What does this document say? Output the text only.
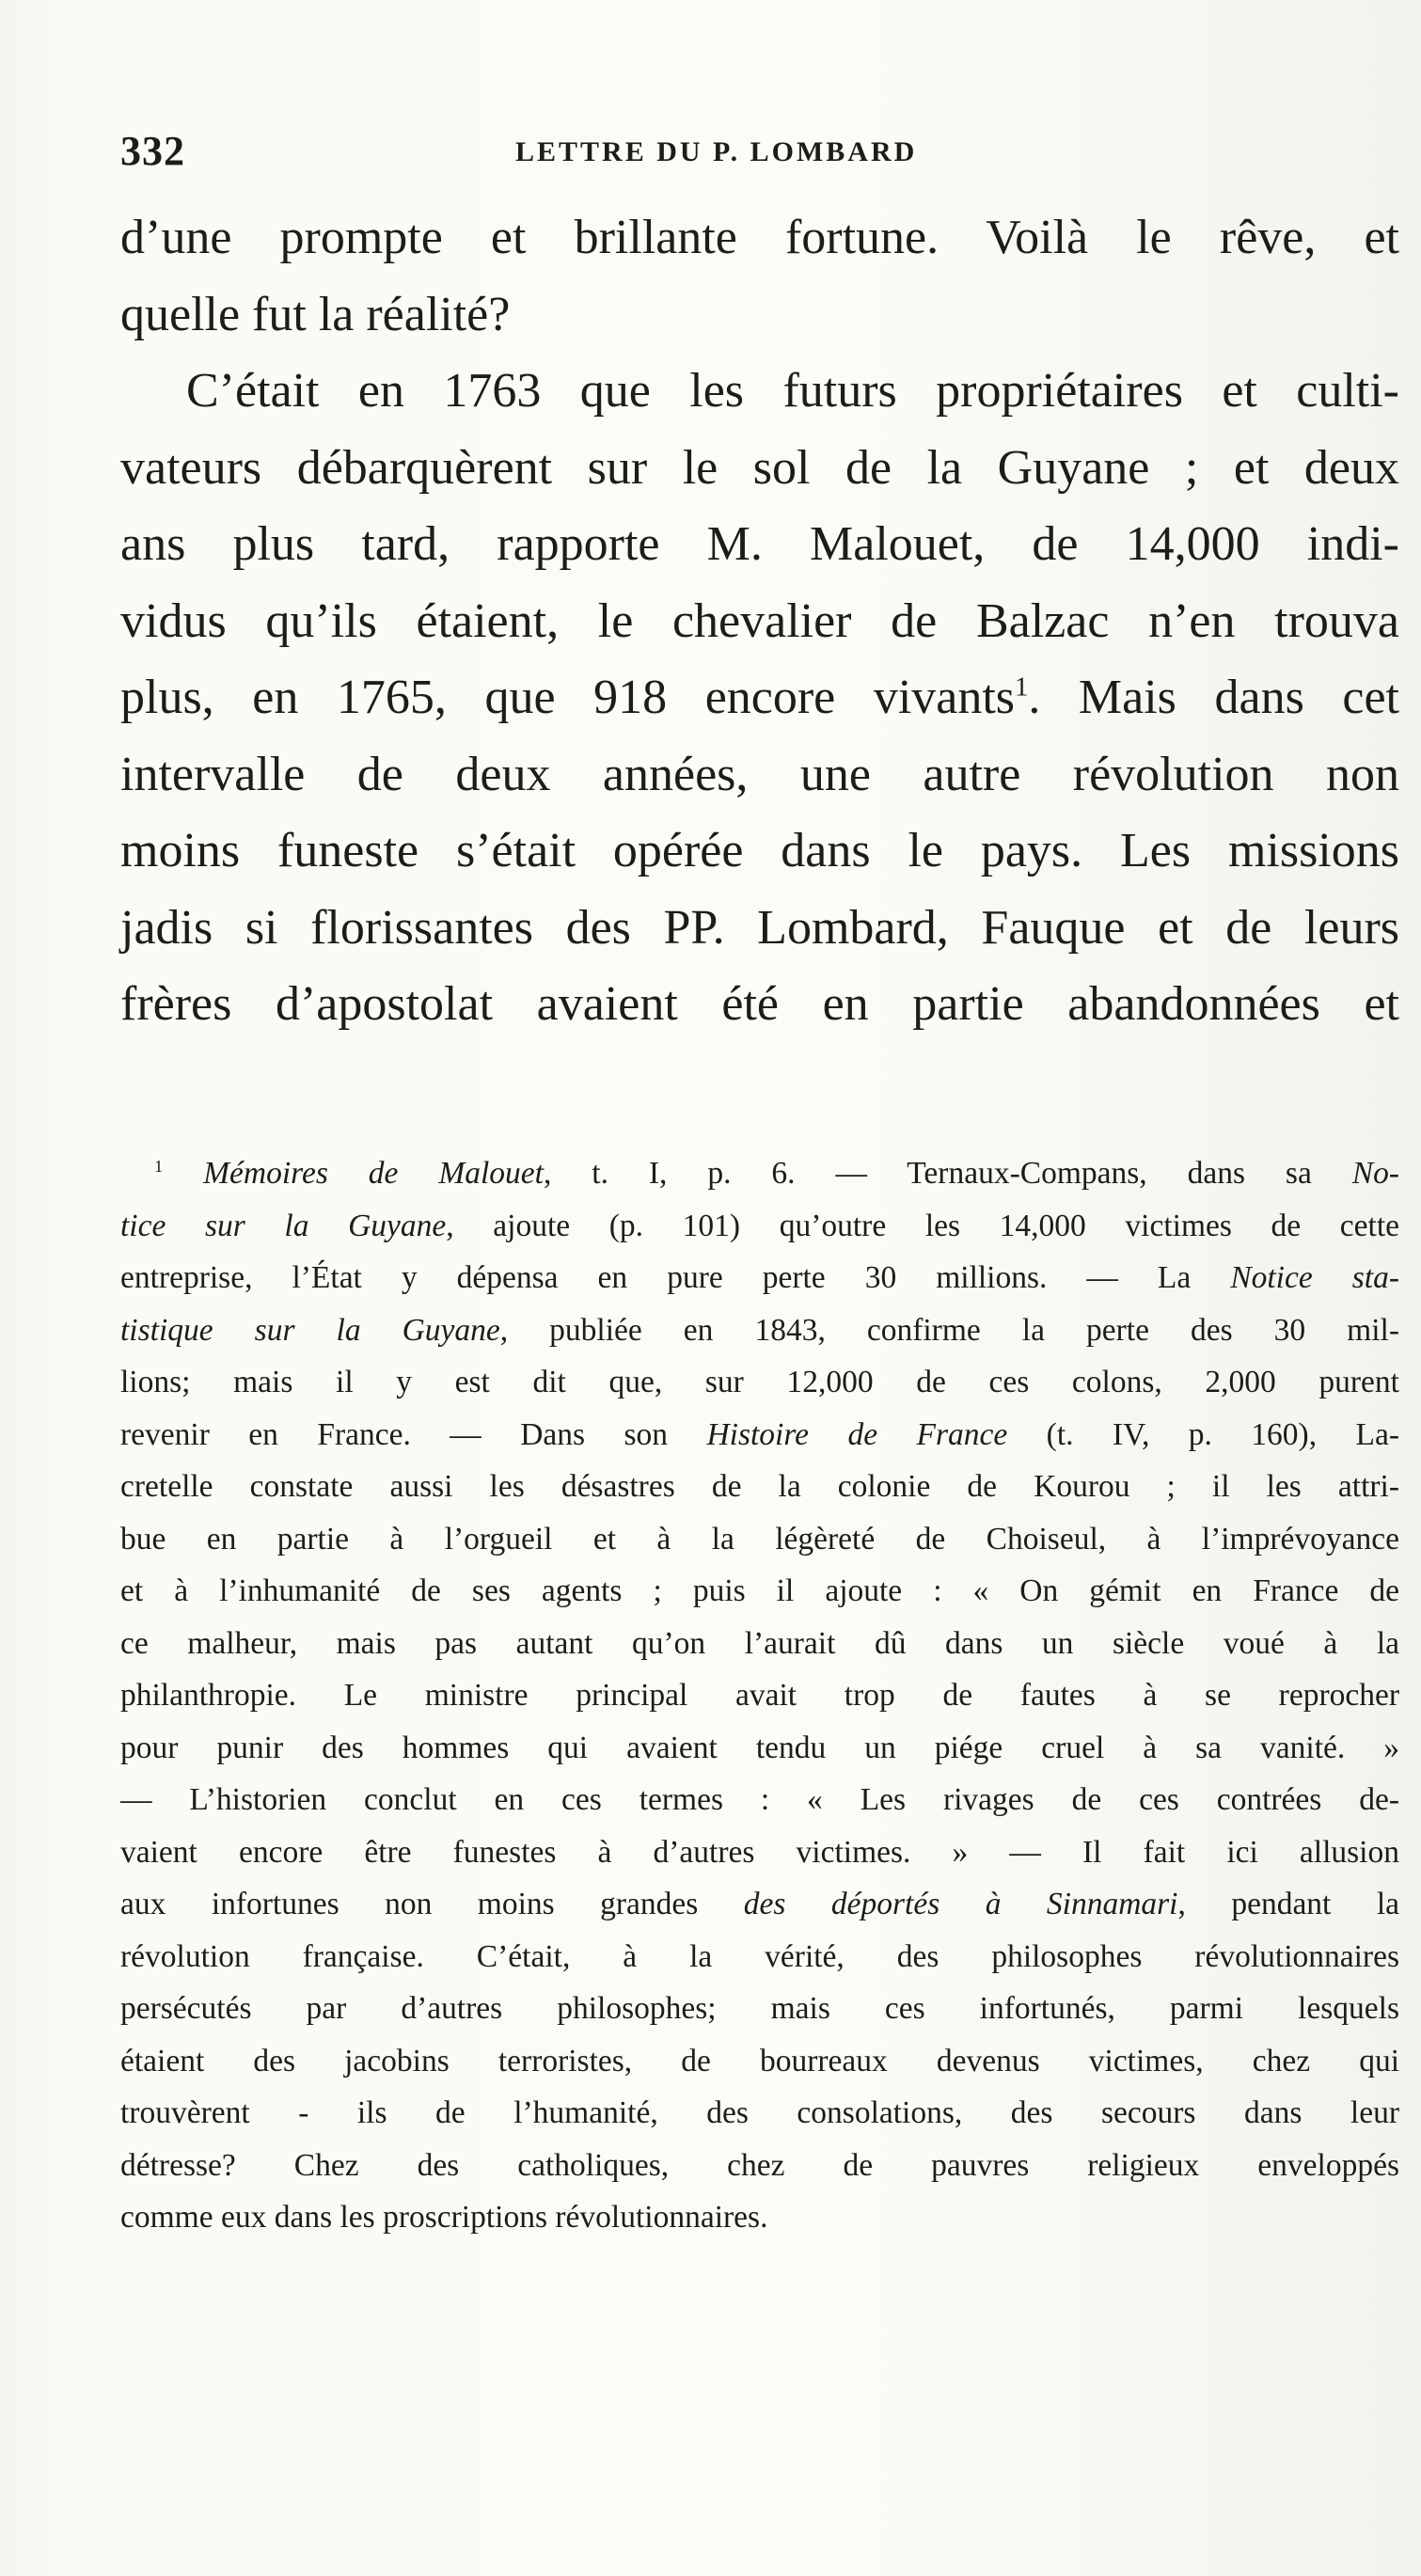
332	LETTRE DU P. LOMBARD

d’une prompte et brillante fortune. Voilà le rêve, et
quelle fut la réalité?

C’était en 1763 que les futurs propriétaires et culti-
vateurs débarquèrent sur le sol de la Guyane ; et deux
ans plus tard, rapporte M. Malouet, de 14,000 indi-
vidus qu’ils étaient, le chevalier de Balzac n’en trouva
plus, en 1765, que 918 encore vivants$^1$. Mais dans cet
intervalle de deux années, une autre révolution non
moins funeste s’était opérée dans le pays. Les missions
jadis si florissantes des PP. Lombard, Fauque et de leurs
frères d’apostolat avaient été en partie abandonnées et

$^1$ Mémoires de Malouet, t. I, p. 6. — Ternaux-Compans, dans sa No-
tice sur la Guyane, ajoute (p. 101) qu’outre les 14,000 victimes de cette
entreprise, l’État y dépensa en pure perte 30 millions. — La Notice sta-
tistique sur la Guyane, publiée en 1843, confirme la perte des 30 mil-
lions; mais il y est dit que, sur 12,000 de ces colons, 2,000 purent
revenir en France. — Dans son Histoire de France (t. IV, p. 160), La-
cretelle constate aussi les désastres de la colonie de Kourou ; il les attri-
bue en partie à l’orgueil et à la légèreté de Choiseul, à l’imprévoyance
et à l’inhumanité de ses agents ; puis il ajoute : « On gémit en France de
ce malheur, mais pas autant qu’on l’aurait dû dans un siècle voué à la
philanthropie. Le ministre principal avait trop de fautes à se reprocher
pour punir des hommes qui avaient tendu un piége cruel à sa vanité. »
— L’historien conclut en ces termes : « Les rivages de ces contrées de-
vaient encore être funestes à d’autres victimes. » — Il fait ici allusion
aux infortunes non moins grandes des déportés à Sinnamari, pendant la
révolution française. C’était, à la vérité, des philosophes révolutionnaires
persécutés par d’autres philosophes; mais ces infortunés, parmi lesquels
étaient des jacobins terroristes, de bourreaux devenus victimes, chez qui
trouvèrent - ils de l’humanité, des consolations, des secours dans leur
détresse? Chez des catholiques, chez de pauvres religieux enveloppés
comme eux dans les proscriptions révolutionnaires.
